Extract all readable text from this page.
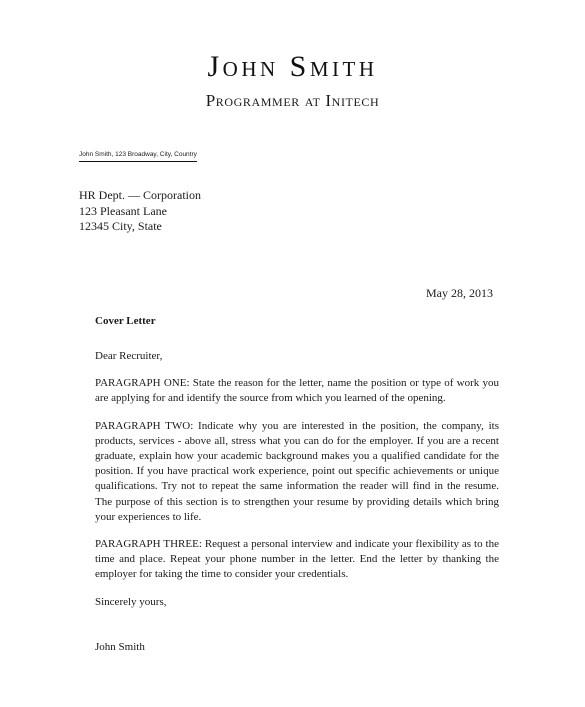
John Smith
Programmer at Initech
John Smith, 123 Broadway, City, Country
HR Dept. — Corporation
123 Pleasant Lane
12345 City, State
May 28, 2013
Cover Letter

Dear Recruiter,

PARAGRAPH ONE: State the reason for the letter, name the position or type of work you are applying for and identify the source from which you learned of the opening.

PARAGRAPH TWO: Indicate why you are interested in the position, the company, its products, services - above all, stress what you can do for the employer. If you are a recent graduate, explain how your academic background makes you a qualified candidate for the position. If you have practical work experience, point out specific achievements or unique qualifications. Try not to repeat the same information the reader will find in the resume. The purpose of this section is to strengthen your resume by providing details which bring your experiences to life.

PARAGRAPH THREE: Request a personal interview and indicate your flexibility as to the time and place. Repeat your phone number in the letter. End the letter by thanking the employer for taking the time to consider your credentials.

Sincerely yours,

John Smith
